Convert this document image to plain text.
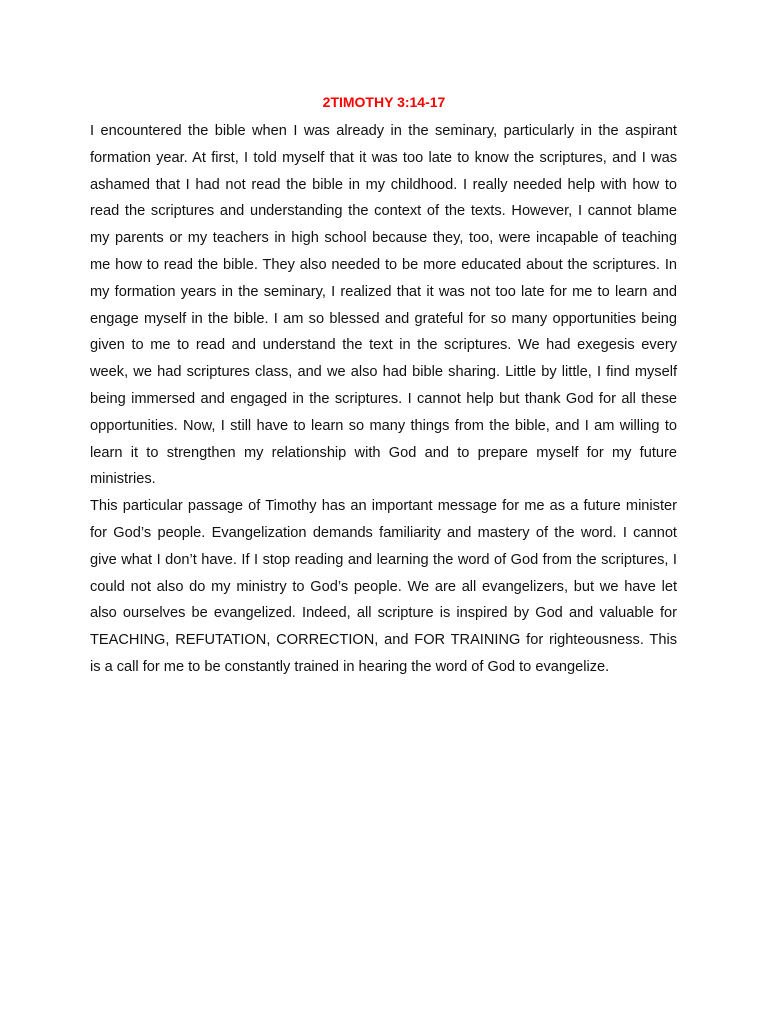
2TIMOTHY 3:14-17

I encountered the bible when I was already in the seminary, particularly in the aspirant formation year. At first, I told myself that it was too late to know the scriptures, and I was ashamed that I had not read the bible in my childhood. I really needed help with how to read the scriptures and understanding the context of the texts. However, I cannot blame my parents or my teachers in high school because they, too, were incapable of teaching me how to read the bible. They also needed to be more educated about the scriptures. In my formation years in the seminary, I realized that it was not too late for me to learn and engage myself in the bible. I am so blessed and grateful for so many opportunities being given to me to read and understand the text in the scriptures. We had exegesis every week, we had scriptures class, and we also had bible sharing. Little by little, I find myself being immersed and engaged in the scriptures. I cannot help but thank God for all these opportunities. Now, I still have to learn so many things from the bible, and I am willing to learn it to strengthen my relationship with God and to prepare myself for my future ministries.

This particular passage of Timothy has an important message for me as a future minister for God’s people. Evangelization demands familiarity and mastery of the word. I cannot give what I don’t have. If I stop reading and learning the word of God from the scriptures, I could not also do my ministry to God’s people. We are all evangelizers, but we have let also ourselves be evangelized. Indeed, all scripture is inspired by God and valuable for TEACHING, REFUTATION, CORRECTION, and FOR TRAINING for righteousness. This is a call for me to be constantly trained in hearing the word of God to evangelize.
